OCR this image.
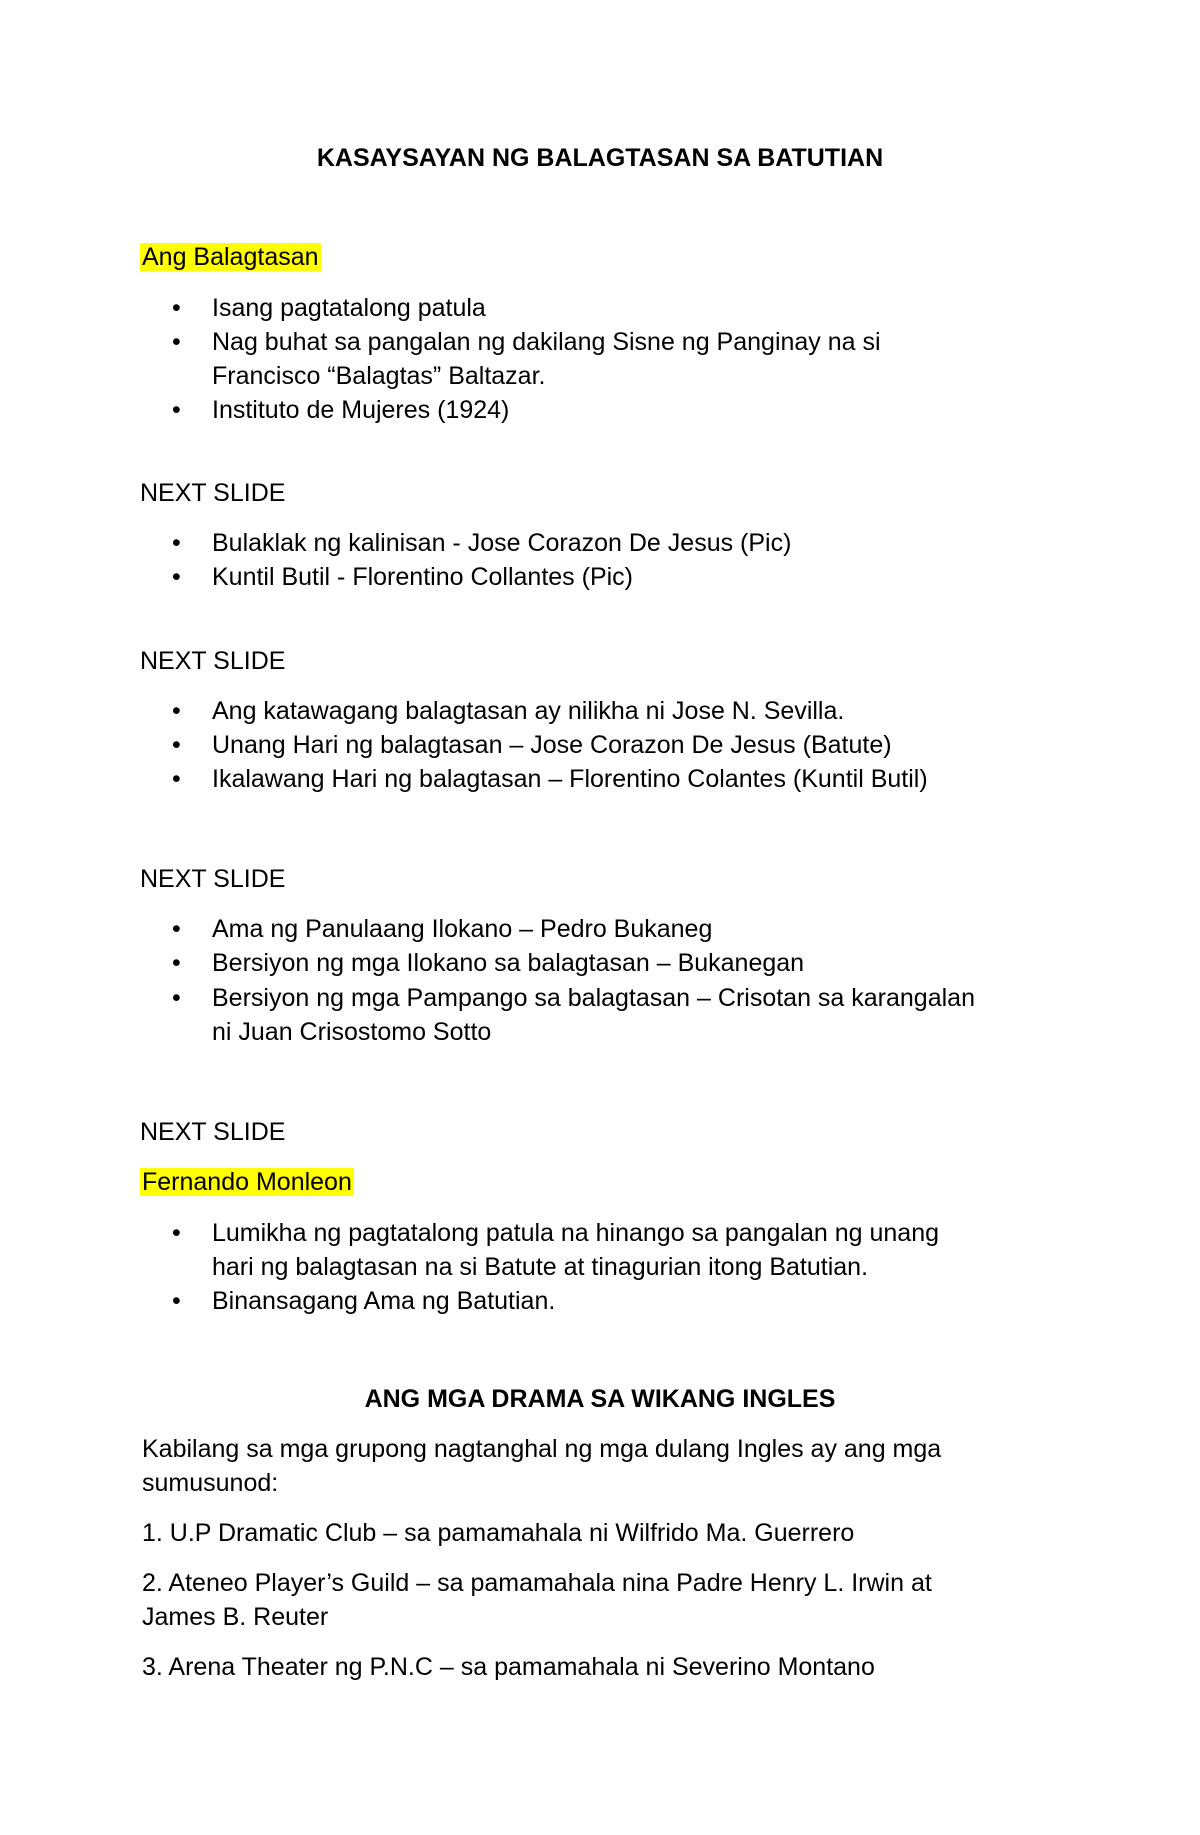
KASAYSAYAN NG BALAGTASAN SA BATUTIAN

Ang Balagtasan

• Isang pagtatalong patula
• Nag buhat sa pangalan ng dakilang Sisne ng Panginay na si
Francisco “Balagtas” Baltazar.
• Instituto de Mujeres (1924)

NEXT SLIDE

• Bulaklak ng kalinisan - Jose Corazon De Jesus (Pic)
• Kuntil Butil - Florentino Collantes (Pic)

NEXT SLIDE

• Ang katawagang balagtasan ay nilikha ni Jose N. Sevilla.
• Unang Hari ng balagtasan – Jose Corazon De Jesus (Batute)
• Ikalawang Hari ng balagtasan – Florentino Colantes (Kuntil Butil)

NEXT SLIDE

• Ama ng Panulaang Ilokano – Pedro Bukaneg
• Bersiyon ng mga Ilokano sa balagtasan – Bukanegan
• Bersiyon ng mga Pampango sa balagtasan – Crisotan sa karangalan
ni Juan Crisostomo Sotto

NEXT SLIDE

Fernando Monleon

• Lumikha ng pagtatalong patula na hinango sa pangalan ng unang
hari ng balagtasan na si Batute at tinagurian itong Batutian.
• Binansagang Ama ng Batutian.

ANG MGA DRAMA SA WIKANG INGLES

Kabilang sa mga grupong nagtanghal ng mga dulang Ingles ay ang mga

sumusunod:

1. U.P Dramatic Club – sa pamamahala ni Wilfrido Ma. Guerrero

2. Ateneo Player’s Guild – sa pamamahala nina Padre Henry L. Irwin at

James B. Reuter

3. Arena Theater ng P.N.C – sa pamamahala ni Severino Montano
